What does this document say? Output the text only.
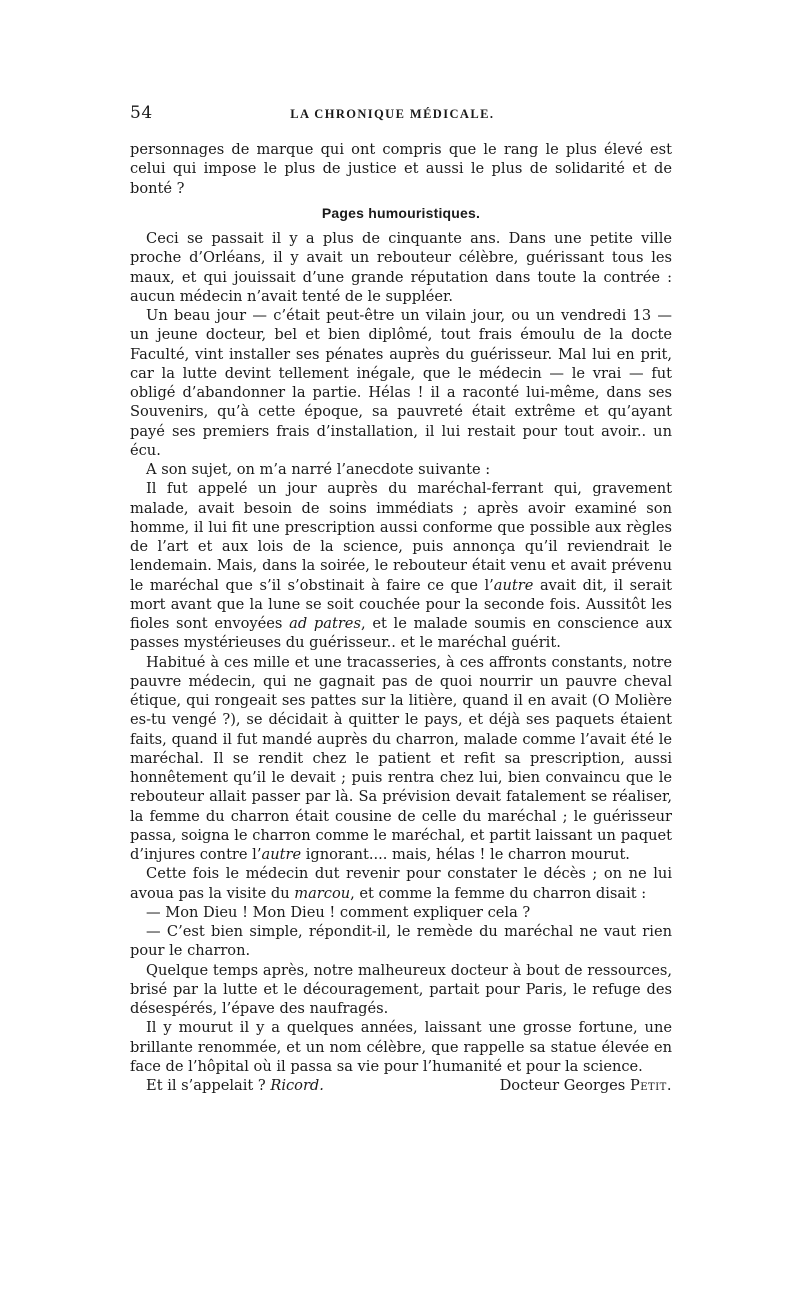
54	LA CHRONIQUE MÉDICALE.

personnages de marque qui ont compris que le rang le plus élevé est celui qui impose le plus de justice et aussi le plus de solidarité et de bonté ?

Pages humouristiques.

Ceci se passait il y a plus de cinquante ans. Dans une petite ville proche d’Orléans, il y avait un rebouteur célèbre, guérissant tous les maux, et qui jouissait d’une grande réputation dans toute la contrée : aucun médecin n’avait tenté de le suppléer.

Un beau jour — c’était peut-être un vilain jour, ou un vendredi 13 — un jeune docteur, bel et bien diplômé, tout frais émoulu de la docte Faculté, vint installer ses pénates auprès du guérisseur. Mal lui en prit, car la lutte devint tellement inégale, que le médecin — le vrai — fut obligé d’abandonner la partie. Hélas ! il a raconté lui-même, dans ses Souvenirs, qu’à cette époque, sa pauvreté était extrême et qu’ayant payé ses premiers frais d’installation, il lui restait pour tout avoir.. un écu.

A son sujet, on m’a narré l’anecdote suivante :

Il fut appelé un jour auprès du maréchal-ferrant qui, gravement malade, avait besoin de soins immédiats ; après avoir examiné son homme, il lui fit une prescription aussi conforme que possible aux règles de l’art et aux lois de la science, puis annonça qu’il reviendrait le lendemain. Mais, dans la soirée, le rebouteur était venu et avait prévenu le maréchal que s’il s’obstinait à faire ce que l’autre avait dit, il serait mort avant que la lune se soit couchée pour la seconde fois. Aussitôt les fioles sont envoyées ad patres, et le malade soumis en conscience aux passes mystérieuses du guérisseur.. et le maréchal guérit.

Habitué à ces mille et une tracasseries, à ces affronts constants, notre pauvre médecin, qui ne gagnait pas de quoi nourrir un pauvre cheval étique, qui rongeait ses pattes sur la litière, quand il en avait (O Molière es-tu vengé ?), se décidait à quitter le pays, et déjà ses paquets étaient faits, quand il fut mandé auprès du charron, malade comme l’avait été le maréchal. Il se rendit chez le patient et refit sa prescription, aussi honnêtement qu’il le devait ; puis rentra chez lui, bien convaincu que le rebouteur allait passer par là. Sa prévision devait fatalement se réaliser, la femme du charron était cousine de celle du maréchal ; le guérisseur passa, soigna le charron comme le maréchal, et partit laissant un paquet d’injures contre l’autre ignorant.... mais, hélas ! le charron mourut.

Cette fois le médecin dut revenir pour constater le décès ; on ne lui avoua pas la visite du marcou, et comme la femme du charron disait :

— Mon Dieu ! Mon Dieu ! comment expliquer cela ?

— C’est bien simple, répondit-il, le remède du maréchal ne vaut rien pour le charron.

Quelque temps après, notre malheureux docteur à bout de ressources, brisé par la lutte et le découragement, partait pour Paris, le refuge des désespérés, l’épave des naufragés.

Il y mourut il y a quelques années, laissant une grosse fortune, une brillante renommée, et un nom célèbre, que rappelle sa statue élevée en face de l’hôpital où il passa sa vie pour l’humanité et pour la science.

Et il s’appelait ? Ricord.	Docteur Georges Petit.
